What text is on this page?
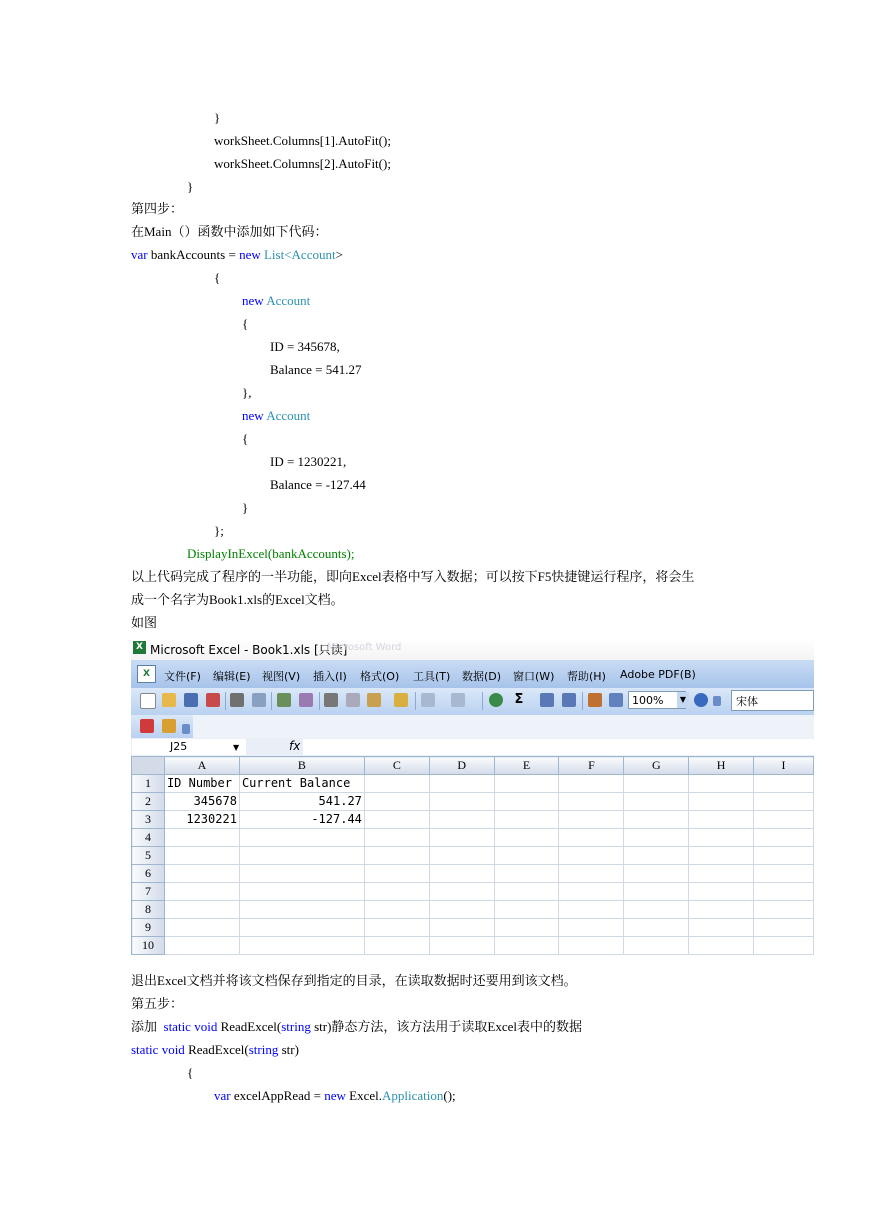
}
workSheet.Columns[1].AutoFit();
workSheet.Columns[2].AutoFit();
}
第四步：
在Main（）函数中添加如下代码：
var bankAccounts = new List<Account>
{
new Account
{
ID = 345678,
Balance = 541.27
},
new Account
{
ID = 1230221,
Balance = -127.44
}
};
DisplayInExcel(bankAccounts);
以上代码完成了程序的一半功能，即向Excel表格中写入数据；可以按下F5快捷键运行程序，将会生
成一个名字为Book1.xls的Excel文档。
如图
X Microsoft Excel - Book1.xls [只读]
Microsoft Word
X	文件(F) 编辑(E) 视图(V) 插入(I) 格式(O) 工具(T) 数据(D) 窗口(W) 帮助(H) Adobe PDF(B)
Σ	100%	▼	宋体
J25	▼	fx
	A	B	C	D	E	F	G	H	I
1	ID Number	Current Balance							
2	345678	541.27							
3	1230221	-127.44							
4									
5									
6									
7									
8									
9									
10									
退出Excel文档并将该文档保存到指定的目录，在读取数据时还要用到该文档。
第五步：
添加  static void ReadExcel(string str)静态方法，该方法用于读取Excel表中的数据
static void ReadExcel(string str)
{
var excelAppRead = new Excel.Application();
